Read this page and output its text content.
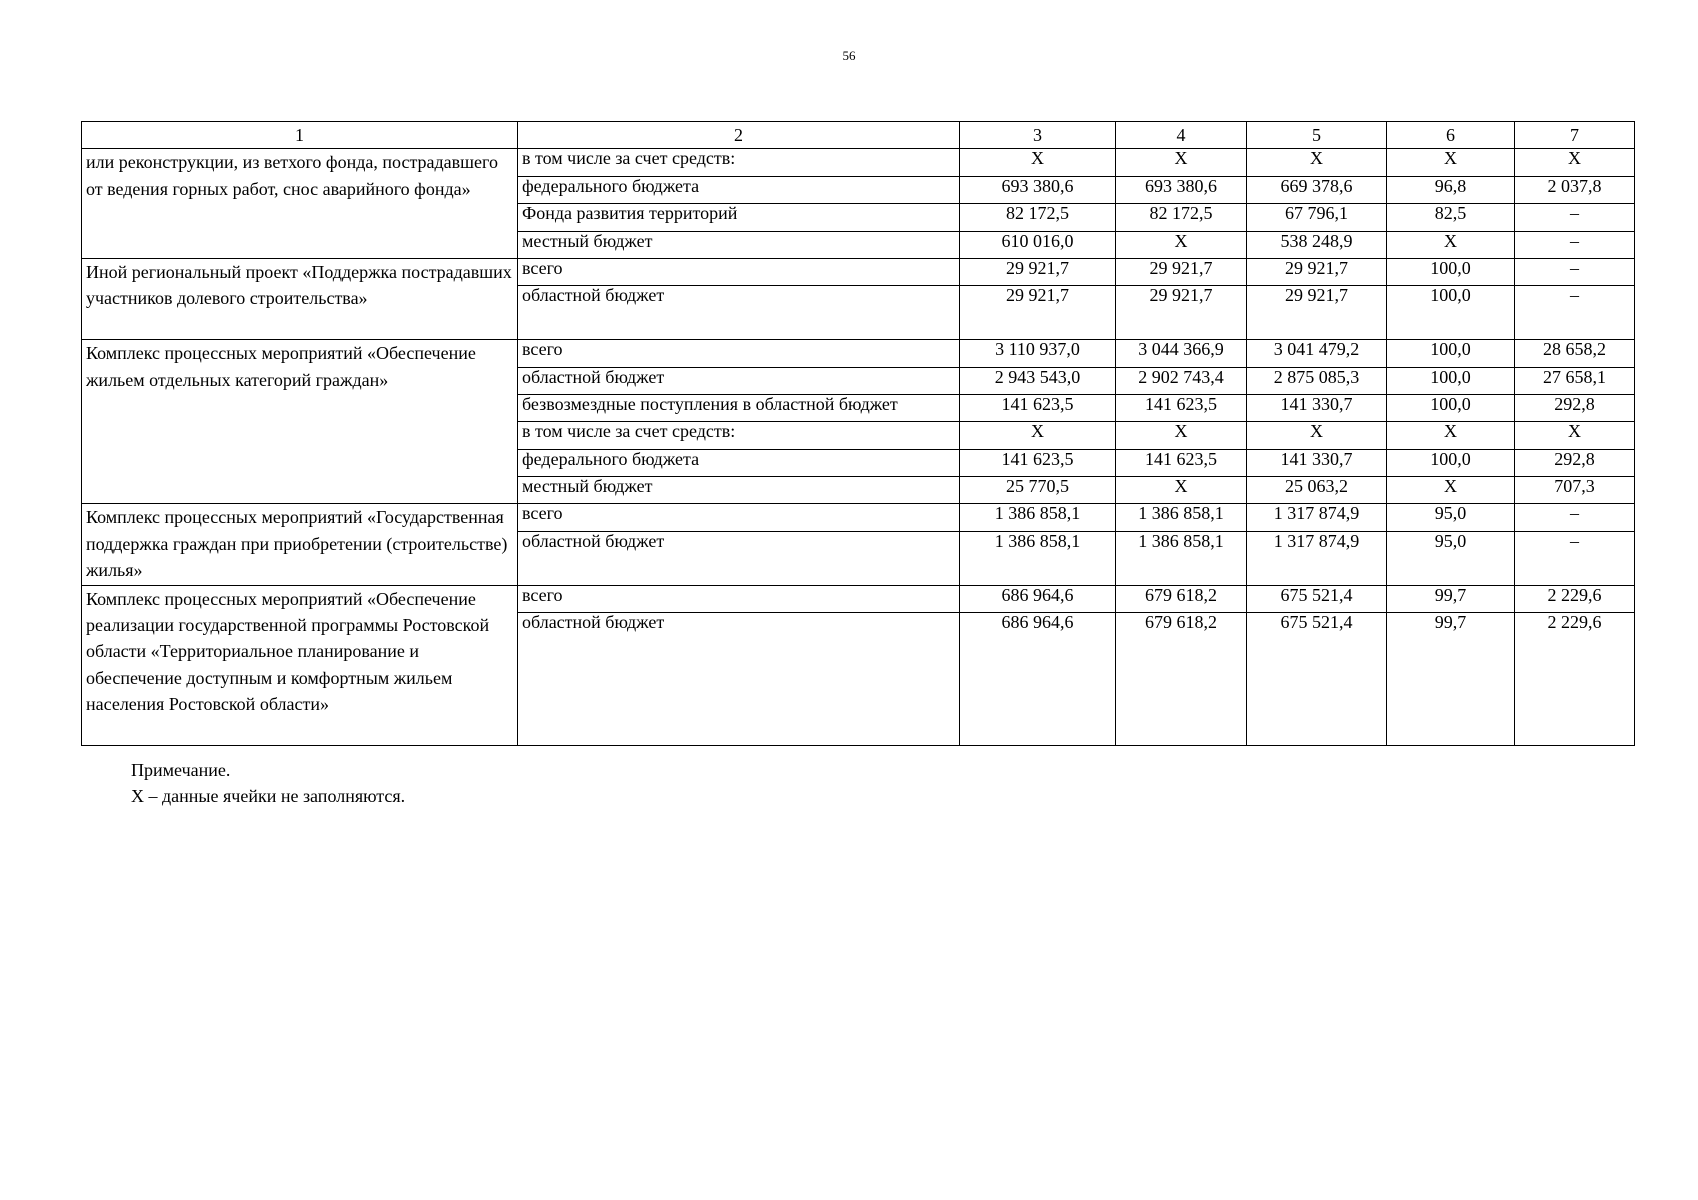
56
1	2	3	4	5	6	7

или реконструкции, из ветхого фонда, пострадавшего от ведения горных работ, снос аварийного фонда»	в том числе за счет средств:	X	X	X	X	X
	федерального бюджета	693 380,6	693 380,6	669 378,6	96,8	2 037,8
	Фонда развития территорий	82 172,5	82 172,5	67 796,1	82,5	–
	местный бюджет	610 016,0	X	538 248,9	X	–

Иной региональный проект «Поддержка пострадавших участников долевого строительства»	всего	29 921,7	29 921,7	29 921,7	100,0	–
	областной бюджет	29 921,7	29 921,7	29 921,7	100,0	–

Комплекс процессных мероприятий «Обеспечение жильем отдельных категорий граждан»	всего	3 110 937,0	3 044 366,9	3 041 479,2	100,0	28 658,2
	областной бюджет	2 943 543,0	2 902 743,4	2 875 085,3	100,0	27 658,1
	безвозмездные поступления в областной бюджет	141 623,5	141 623,5	141 330,7	100,0	292,8
	в том числе за счет средств:	X	X	X	X	X
	федерального бюджета	141 623,5	141 623,5	141 330,7	100,0	292,8
	местный бюджет	25 770,5	X	25 063,2	X	707,3

Комплекс процессных мероприятий «Государственная поддержка граждан при приобретении (строительстве) жилья»	всего	1 386 858,1	1 386 858,1	1 317 874,9	95,0	–
	областной бюджет	1 386 858,1	1 386 858,1	1 317 874,9	95,0	–

Комплекс процессных мероприятий «Обеспечение реализации государственной программы Ростовской области «Территориальное планирование и обеспечение доступным и комфортным жильем населения Ростовской области»	всего	686 964,6	679 618,2	675 521,4	99,7	2 229,6
	областной бюджет	686 964,6	679 618,2	675 521,4	99,7	2 229,6
Примечание.
X – данные ячейки не заполняются.
